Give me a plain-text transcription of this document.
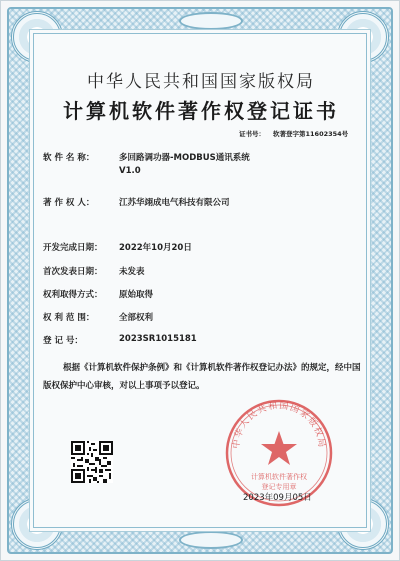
中华人民共和国国家版权局
计算机软件著作权登记证书
证书号： 软著登字第11602354号
软 件 名 称：	多回路调功器-MODBUS通讯系统
V1.0
著 作 权 人：	江苏华翊成电气科技有限公司
开发完成日期： 2022年10月20日
首次发表日期： 未发表
权利取得方式： 原始取得
权 利 范 围：	全部权利
登 记 号：	2023SR1015181
根据《计算机软件保护条例》和《计算机软件著作权登记办法》的规定，经中国版权保护中心审核，对以上事项予以登记。
中华人民共和国国家版权局
计算机软件著作权
登记专用章
2023年09月05日
